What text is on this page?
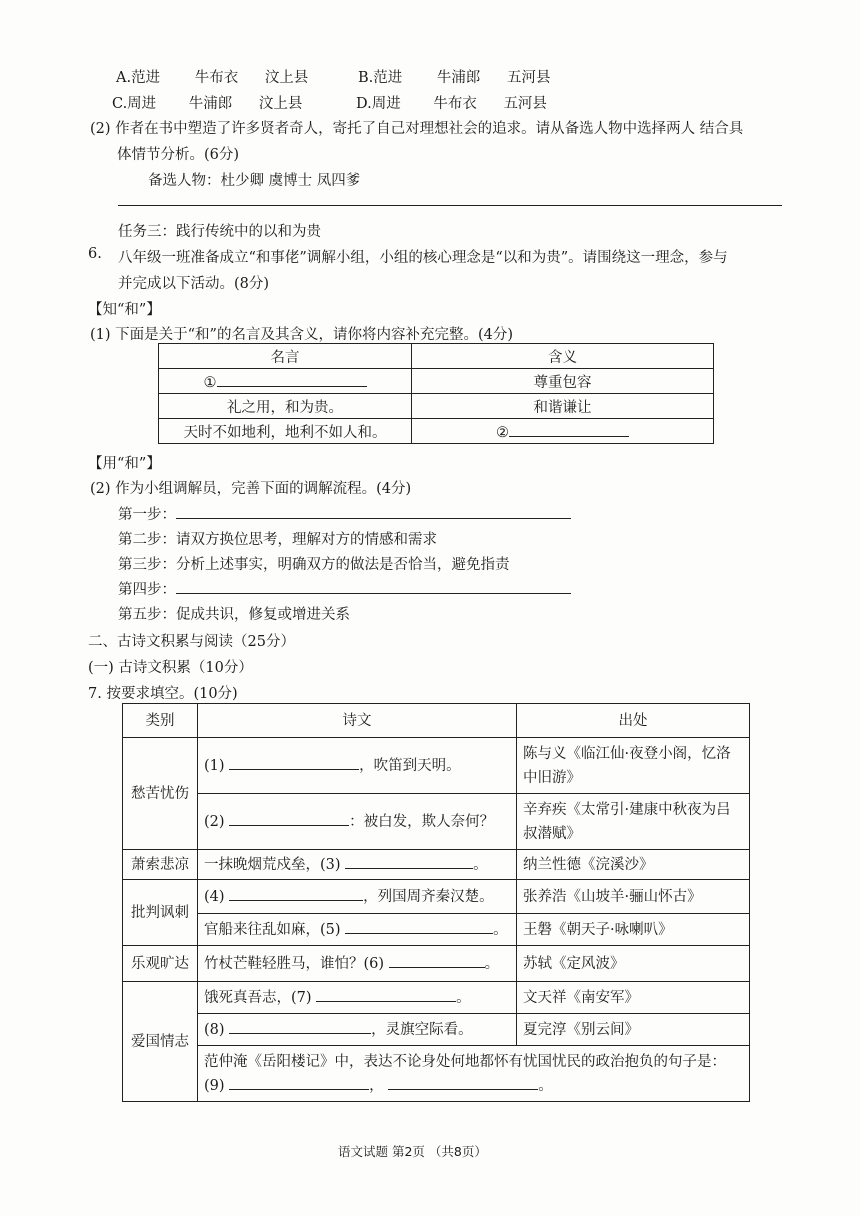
A.范进 牛布衣 汶上县	B.范进 牛浦郎 五河县
C.周进 牛浦郎 汶上县	D.周进 牛布衣 五河县
(2) 作者在书中塑造了许多贤者奇人，寄托了自己对理想社会的追求。请从备选人物中选择两人 结合具
体情节分析。(6分)
备选人物：杜少卿 虞博士 凤四爹
任务三：践行传统中的以和为贵
6. 八年级一班准备成立“和事佬”调解小组，小组的核心理念是“以和为贵”。请围绕这一理念，参与
并完成以下活动。(8分)
【知“和”】
(1) 下面是关于“和”的名言及其含义，请你将内容补充完整。(4分)
名言	含义
①	尊重包容
礼之用，和为贵。	和谐谦让
天时不如地利，地利不如人和。	②
【用“和”】
(2) 作为小组调解员，完善下面的调解流程。(4分)
第一步：
第二步：请双方换位思考，理解对方的情感和需求
第三步：分析上述事实，明确双方的做法是否恰当，避免指责
第四步：
第五步：促成共识，修复或增进关系
二、古诗文积累与阅读（25分）
(一) 古诗文积累（10分）
7. 按要求填空。(10分)
类别	诗文	出处
愁苦忧伤	(1) ，吹笛到天明。	陈与义《临江仙·夜登小阁，忆洛中旧游》
	(2) ：被白发，欺人奈何？	辛弃疾《太常引·建康中秋夜为吕叔潜赋》
萧索悲凉	一抹晚烟荒戍垒，(3) 。	纳兰性德《浣溪沙》
批判讽刺	(4) ，列国周齐秦汉楚。	张养浩《山坡羊·骊山怀古》
	官船来往乱如麻，(5) 。	王磐《朝天子·咏喇叭》
乐观旷达	竹杖芒鞋轻胜马，谁怕？(6) 。	苏轼《定风波》
爱国情志	饿死真吾志，(7) 。	文天祥《南安军》
	(8) ，灵旗空际看。	夏完淳《别云间》

	范仲淹《岳阳楼记》中，表达不论身处何地都怀有忧国忧民的政治抱负的句子是：
(9) ， 。	
语文试题 第2页 （共8页）
